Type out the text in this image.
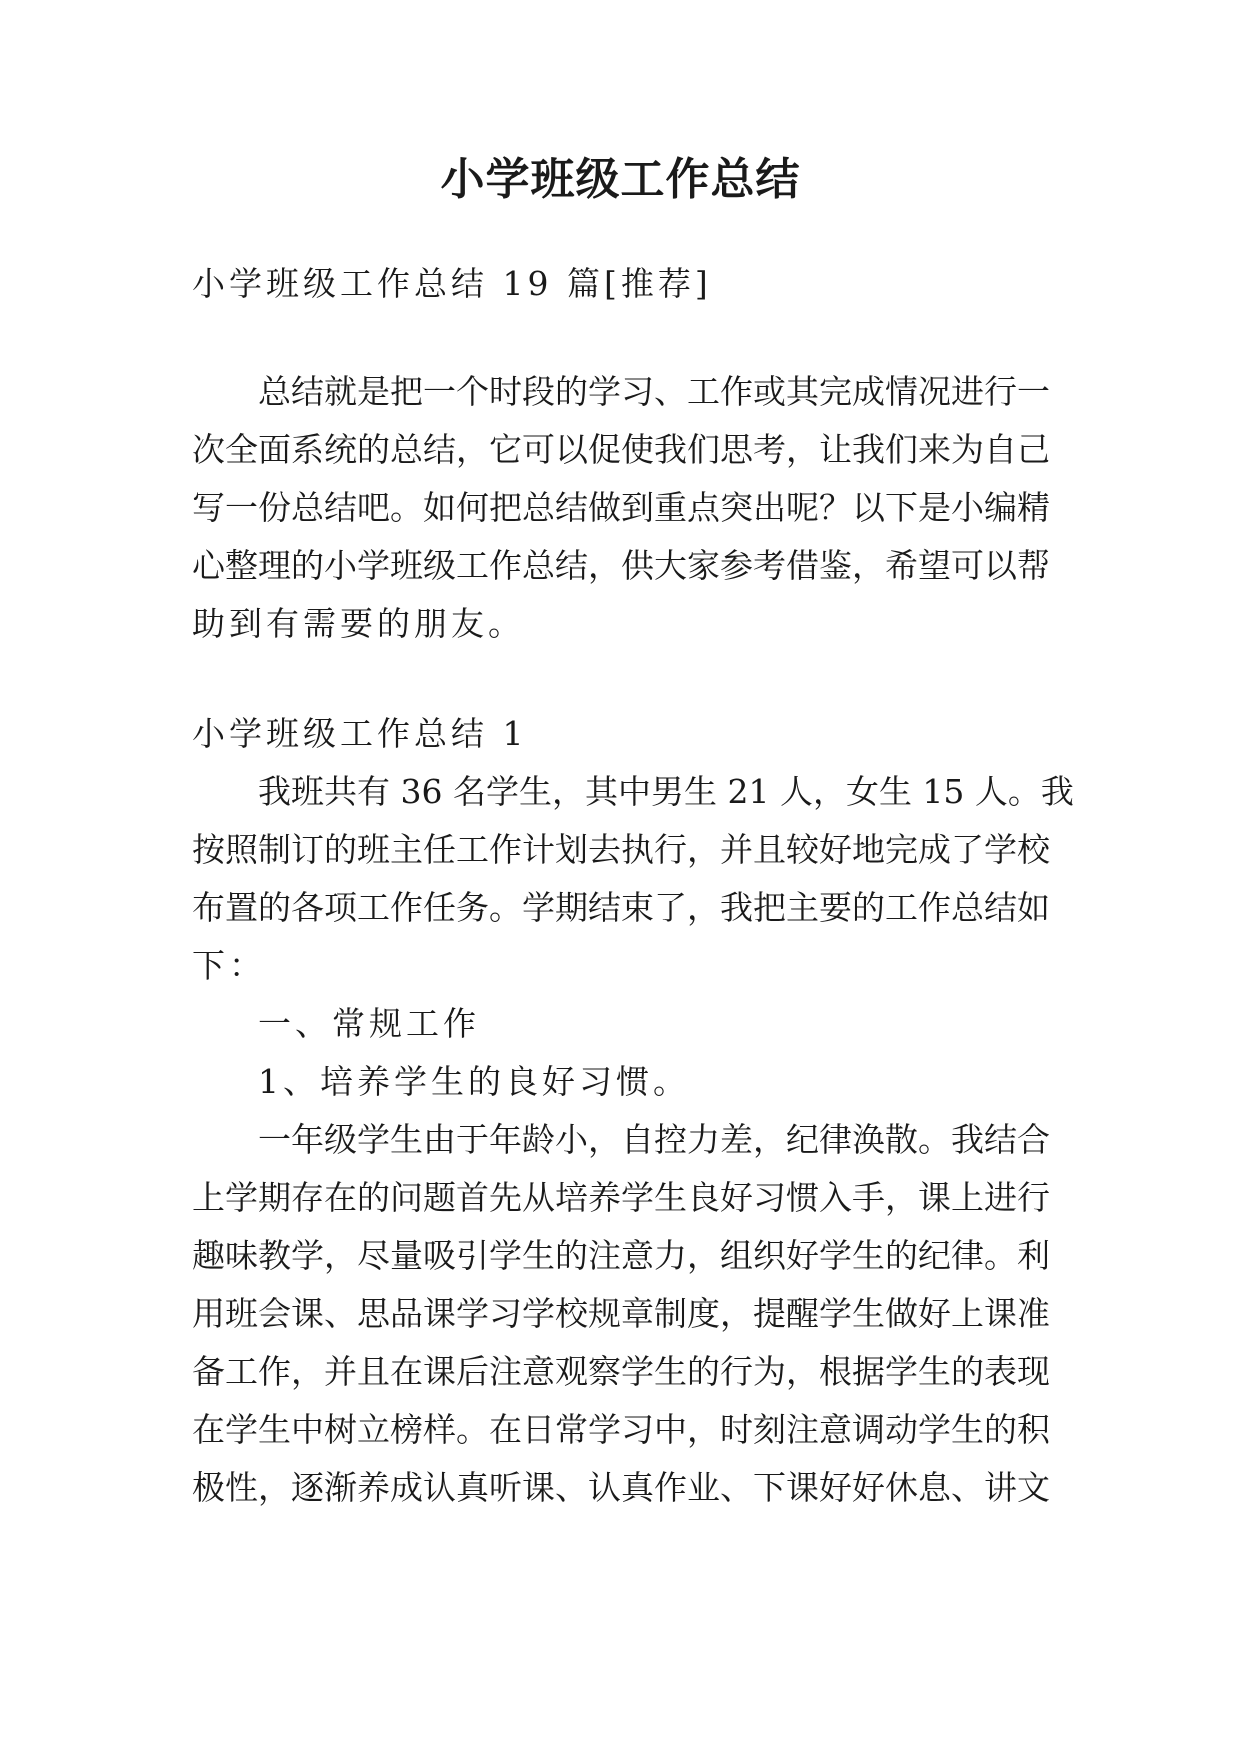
小学班级工作总结
小学班级工作总结 19 篇[推荐]
总结就是把一个时段的学习、工作或其完成情况进行一
次全面系统的总结，它可以促使我们思考，让我们来为自己
写一份总结吧。如何把总结做到重点突出呢？以下是小编精
心整理的小学班级工作总结，供大家参考借鉴，希望可以帮
助到有需要的朋友。
小学班级工作总结 1
我班共有 36 名学生，其中男生 21 人，女生 15 人。我
按照制订的班主任工作计划去执行，并且较好地完成了学校
布置的各项工作任务。学期结束了，我把主要的工作总结如
下：
一、常规工作
1、培养学生的良好习惯。
一年级学生由于年龄小，自控力差，纪律涣散。我结合
上学期存在的问题首先从培养学生良好习惯入手，课上进行
趣味教学，尽量吸引学生的注意力，组织好学生的纪律。利
用班会课、思品课学习学校规章制度，提醒学生做好上课准
备工作，并且在课后注意观察学生的行为，根据学生的表现
在学生中树立榜样。在日常学习中，时刻注意调动学生的积
极性，逐渐养成认真听课、认真作业、下课好好休息、讲文
